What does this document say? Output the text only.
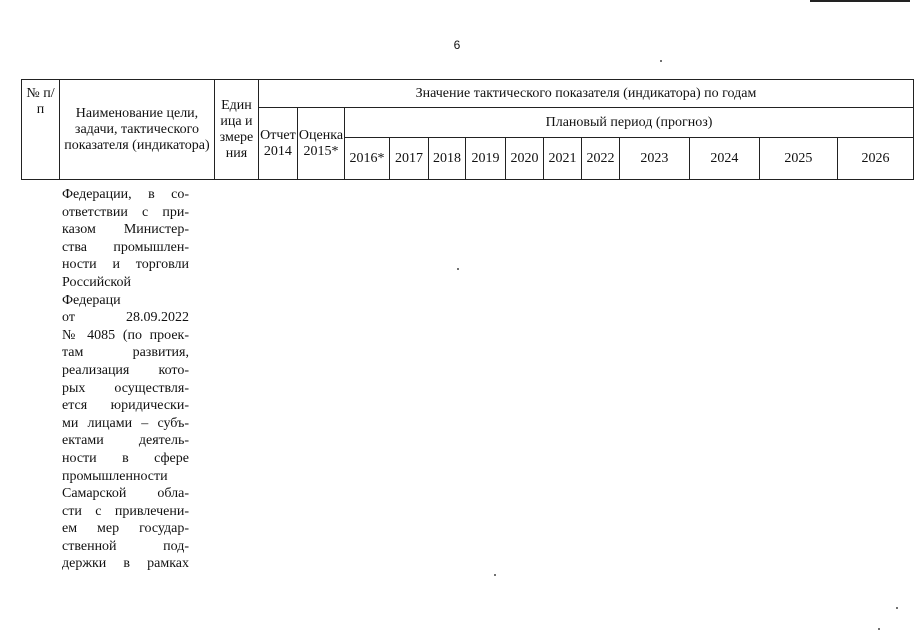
6
№ п/п	Наименование цели, задачи, тактического показателя (индикатора)	Единица измерения	Значение тактического показателя (индикатора) по годам												

			Отчет 2014	Оценка 2015*	Плановый период (прогноз)										
					2016*	2017	2018	2019	2020	2021	2022	2023	2024	2025	2026
Федерации, в со-
ответствии с при-
казом Министер-
ства промышлен-
ности и торговли
Российской
Федераци
от 28.09.2022
№ 4085 (по проек-
там развития,
реализация кото-
рых осуществля-
ется юридически-
ми лицами – субъ-
ектами деятель-
ности в сфере
промышленности
Самарской обла-
сти с привлечени-
ем мер государ-
ственной под-
держки в рамках
